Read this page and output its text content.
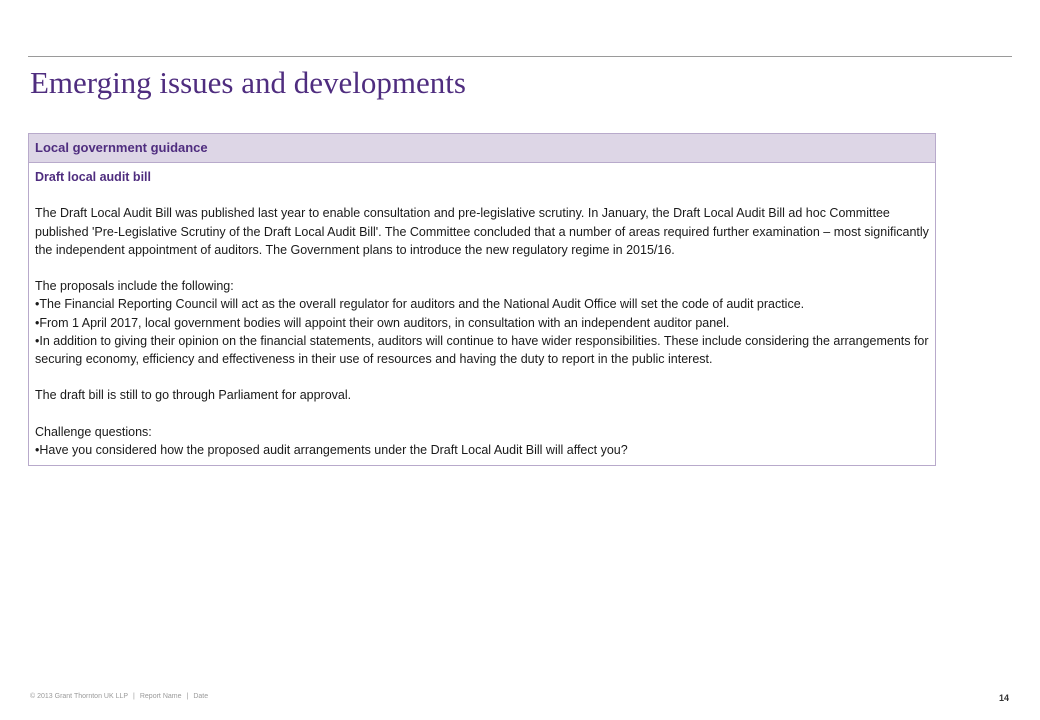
Emerging issues and developments
Local government guidance
Draft local audit bill
The Draft Local Audit Bill was published last year to enable consultation and pre-legislative scrutiny. In January, the Draft Local Audit Bill ad hoc Committee published 'Pre-Legislative Scrutiny of the Draft Local Audit Bill'. The Committee concluded that a number of areas required further examination – most significantly the independent appointment of auditors. The Government plans to introduce the new regulatory regime in 2015/16.
The proposals include the following:
•The Financial Reporting Council will act as the overall regulator for auditors and the National Audit Office will set the code of audit practice.
•From 1 April 2017, local government bodies will appoint their own auditors, in consultation with an independent auditor panel.
•In addition to giving their opinion on the financial statements, auditors will continue to have wider responsibilities. These include considering the arrangements for securing economy, efficiency and effectiveness in their use of resources and having the duty to report in the public interest.
The draft bill is still to go through Parliament for approval.
Challenge questions:
•Have you considered how the proposed audit arrangements under the Draft Local Audit Bill will affect you?
© 2013 Grant Thornton UK LLP | Report Name | Date	14
